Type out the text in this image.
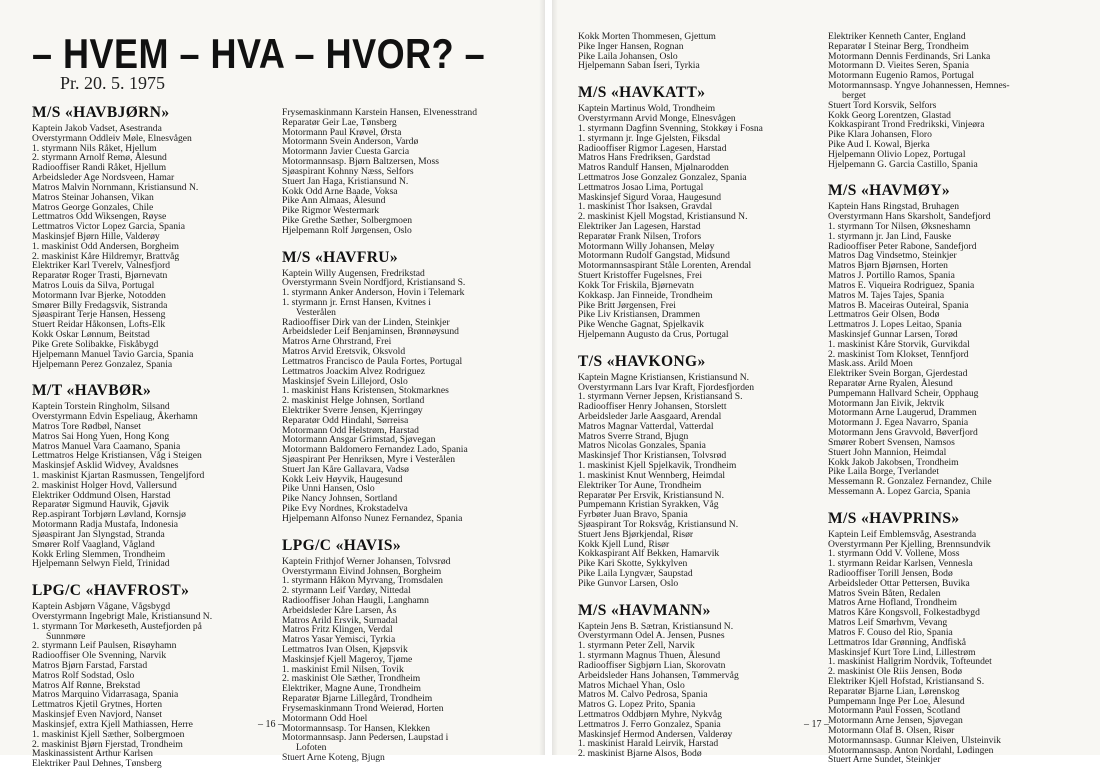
– HVEM – HVA – HVOR? –
Pr. 20. 5. 1975
M/S «HAVBJØRN»
Kaptein Jakob Vadset, Asestranda
Overstyrmann Oddleiv Møle, Elnesvågen
1. styrmann Nils Råket, Hjellum
2. styrmann Arnolf Remø, Ålesund
Radiooffiser Randi Råket, Hjellum
Arbeidsleder Age Nordsveen, Hamar
Matros Malvin Nornmann, Kristiansund N.
Matros Steinar Johansen, Vikan
Matros George Gonzales, Chile
Lettmatros Odd Wiksengen, Røyse
Lettmatros Victor Lopez Garcia, Spania
Maskinsjef Bjørn Hille, Valderøy
1. maskinist Odd Andersen, Borgheim
2. maskinist Kåre Hildremyr, Brattvåg
Elektriker Karl Tverelv, Valnesfjord
Reparatør Roger Trasti, Bjørnevatn
Matros Louis da Silva, Portugal
Motormann Ivar Bjerke, Notodden
Smører Billy Fredagsvik, Sistranda
Sjøaspirant Terje Hansen, Hesseng
Stuert Reidar Håkonsen, Lofts-Elk
Kokk Oskar Lønnum, Beitstad
Pike Grete Solibakke, Fiskåbygd
Hjelpemann Manuel Tavio Garcia, Spania
Hjelpemann Perez Gonzalez, Spania
M/T «HAVBØR»
Kaptein Torstein Ringholm, Silsand
Overstyrmann Edvin Espeliaug, Åkerhamn
Matros Tore Rødbøl, Nanset
Matros Sai Hong Yuen, Hong Kong
Matros Manuel Vara Caamano, Spania
Lettmatros Helge Kristiansen, Våg i Steigen
Maskinsjef Asklid Widvey, Åvaldsnes
1. maskinist Kjartan Rasmussen, Tengeljford
2. maskinist Holger Hovd, Vallersund
Elektriker Oddmund Olsen, Harstad
Reparatør Sigmund Hauvik, Gjøvik
Rep.aspirant Torbjørn Løvland, Kornsjø
Motormann Radja Mustafa, Indonesia
Sjøaspirant Jan Slyngstad, Stranda
Smører Rolf Vaagland, Vågland
Kokk Erling Slemmen, Trondheim
Hjelpemann Selwyn Field, Trinidad
LPG/C «HAVFROST»
Kaptein Asbjørn Vågane, Vågsbygd
Overstyrmann Ingebrigt Male, Kristiansund N.
1. styrmann Tor Mørkeseth, Austefjorden på
Sunnmøre
2. styrmann Leif Paulsen, Risøyhamn
Radiooffiser Ole Svenning, Narvik
Matros Bjørn Farstad, Farstad
Matros Rolf Sodstad, Oslo
Matros Alf Rønne, Brekstad
Matros Marquino Vidarrasaga, Spania
Lettmatros Kjetil Grytnes, Horten
Maskinsjef Even Navjord, Nanset
Maskinsjef, extra Kjell Mathiassen, Herre
1. maskinist Kjell Sæther, Solbergmoen
2. maskinist Bjørn Fjerstad, Trondheim
Maskinassistent Arthur Karlsen
Elektriker Paul Dehnes, Tønsberg
Frysemaskinmann Karstein Hansen, Elvenesstrand
Reparatør Geir Lae, Tønsberg
Motormann Paul Krøvel, Ørsta
Motormann Svein Anderson, Vardø
Motormann Javier Cuesta Garcia
Motormannsasp. Bjørn Baltzersen, Moss
Sjøaspirant Kohnny Næss, Selfors
Stuert Jan Haga, Kristiansund N.
Kokk Odd Arne Baade, Voksa
Pike Ann Almaas, Ålesund
Pike Rigmor Westermark
Pike Grethe Sæther, Solbergmoen
Hjelpemann Rolf Jørgensen, Oslo
M/S «HAVFRU»
Kaptein Willy Augensen, Fredrikstad
Overstyrmann Svein Nordfjord, Kristiansand S.
1. styrmann Anker Anderson, Hovin i Telemark
1. styrmann jr. Ernst Hansen, Kvitnes i
Vesterålen
Radiooffiser Dirk van der Linden, Steinkjer
Arbeidsleder Leif Benjaminsen, Brønnøysund
Matros Arne Ohrstrand, Frei
Matros Arvid Eretsvik, Oksvold
Lettmatros Francisco de Paula Fortes, Portugal
Lettmatros Joackim Alvez Rodriguez
Maskinsjef Svein Lillejord, Oslo
1. maskinist Hans Kristensen, Stokmarknes
2. maskinist Helge Johnsen, Sortland
Elektriker Sverre Jensen, Kjerringøy
Reparatør Odd Hindahl, Sørreisa
Motormann Odd Helstrøm, Harstad
Motormann Ansgar Grimstad, Sjøvegan
Motormann Baldomero Fernandez Lado, Spania
Sjøaspirant Per Henriksen, Myre i Vesterålen
Stuert Jan Kåre Gallavara, Vadsø
Kokk Leiv Høyvik, Haugesund
Pike Unni Hansen, Oslo
Pike Nancy Johnsen, Sortland
Pike Evy Nordnes, Krokstadelva
Hjelpemann Alfonso Nunez Fernandez, Spania
LPG/C «HAVIS»
Kaptein Frithjof Werner Johansen, Tolvsrød
Overstyrmann Eivind Johnsen, Borgheim
1. styrmann Håkon Myrvang, Tromsdalen
2. styrmann Leif Vardøy, Nittedal
Radiooffiser Johan Haugli, Langhamn
Arbeidsleder Kåre Larsen, Ås
Matros Arild Ersvik, Surnadal
Matros Fritz Klingen, Verdal
Matros Yasar Yemisci, Tyrkia
Lettmatros Ivan Olsen, Kjøpsvik
Maskinsjef Kjell Mageroy, Tjøme
1. maskinist Emil Nilsen, Tovik
2. maskinist Ole Sæther, Trondheim
Elektriker, Magne Aune, Trondheim
Reparatør Bjarne Lillegård, Trondheim
Frysemaskinmann Trond Weierød, Horten
Motormann Odd Hoel
Motormannsasp. Tor Hansen, Klekken
Motormannsasp. Jann Pedersen, Laupstad i
Lofoten
Stuert Arne Koteng, Bjugn
– 16 –
Kokk Morten Thommesen, Gjettum
Pike Inger Hansen, Rognan
Pike Laila Johansen, Oslo
Hjelpemann Saban Iseri, Tyrkia
M/S «HAVKATT»
Kaptein Martinus Wold, Trondheim
Overstyrmann Arvid Monge, Elnesvågen
1. styrmann Dagfinn Svenning, Stokkøy i Fosna
1. styrmann jr. Inge Gjelsten, Fiksdal
Radiooffiser Rigmor Lagesen, Harstad
Matros Hans Fredriksen, Gardstad
Matros Randulf Hansen, Mjølnarodden
Lettmatros Jose Gonzalez Gonzalez, Spania
Lettmatros Josao Lima, Portugal
Maskinsjef Sigurd Voraa, Haugesund
1. maskinist Thor Isaksen, Gravdal
2. maskinist Kjell Mogstad, Kristiansund N.
Elektriker Jan Lagesen, Harstad
Reparatør Frank Nilsen, Trofors
Motormann Willy Johansen, Meløy
Motormann Rudolf Gangstad, Midsund
Motormannsaspirant Ståle Lorenten, Arendal
Stuert Kristoffer Fugelsnes, Frei
Kokk Tor Friskila, Bjørnevatn
Kokkasp. Jan Finneide, Trondheim
Pike Britt Jørgensen, Frei
Pike Liv Kristiansen, Drammen
Pike Wenche Gagnat, Spjelkavik
Hjelpemann Augusto da Crus, Portugal
T/S «HAVKONG»
Kaptein Magne Kristiansen, Kristiansund N.
Overstyrmann Lars Ivar Kraft, Fjordesfjorden
1. styrmann Verner Jepsen, Kristiansand S.
Radiooffiser Henry Johansen, Storslett
Arbeidsleder Jarle Aasgaard, Arendal
Matros Magnar Vatterdal, Vatterdal
Matros Sverre Strand, Bjugn
Matros Nicolas Gonzales, Spania
Maskinsjef Thor Kristiansen, Tolvsrød
1. maskinist Kjell Spjelkavik, Trondheim
1. maskinist Knut Wennberg, Heimdal
Elektriker Tor Aune, Trondheim
Reparatør Per Ersvik, Kristiansund N.
Pumpemann Kristian Syrakken, Våg
Fyrbøter Juan Bravo, Spania
Sjøaspirant Tor Roksvåg, Kristiansund N.
Stuert Jens Bjørkjendal, Risør
Kokk Kjell Lund, Risør
Kokkaspirant Alf Bekken, Hamarvik
Pike Kari Skotte, Sykkylven
Pike Laila Lyngvær, Saupstad
Pike Gunvor Larsen, Oslo
M/S «HAVMANN»
Kaptein Jens B. Sætran, Kristiansund N.
Overstyrmann Odel A. Jensen, Pusnes
1. styrmann Peter Zell, Narvik
1. styrmann Magnus Thuen, Ålesund
Radiooffiser Sigbjørn Lian, Skorovatn
Arbeidsleder Hans Johansen, Tømmervåg
Matros Michael Yhan, Oslo
Matros M. Calvo Pedrosa, Spania
Matros G. Lopez Prito, Spania
Lettmatros Oddbjørn Myhre, Nykvåg
Lettmatros J. Ferro Gonzalez, Spania
Maskinsjef Hermod Andersen, Valderøy
1. maskinist Harald Leirvik, Harstad
2. maskinist Bjarne Alsos, Bodø
Elektriker Kenneth Canter, England
Reparatør I Steinar Berg, Trondheim
Motormann Dennis Ferdinands, Sri Lanka
Motormann D. Vieites Seren, Spania
Motormann Eugenio Ramos, Portugal
Motormannsasp. Yngve Johannessen, Hemnes-
berget
Stuert Tord Korsvik, Selfors
Kokk Georg Lorentzen, Glastad
Kokkaspirant Trond Fredrikski, Vinjeøra
Pike Klara Johansen, Floro
Pike Aud I. Kowal, Bjerka
Hjelpemann Olivio Lopez, Portugal
Hjelpemann G. Garcia Castillo, Spania
M/S «HAVMØY»
Kaptein Hans Ringstad, Bruhagen
Overstyrmann Hans Skarsholt, Sandefjord
1. styrmann Tor Nilsen, Øksneshamn
1. styrmann jr. Jan Lind, Fauske
Radiooffiser Peter Rabone, Sandefjord
Matros Dag Vindsetmo, Steinkjer
Matros Bjørn Bjørnsen, Horten
Matros J. Portillo Ramos, Spania
Matros E. Viqueira Rodriguez, Spania
Matros M. Tajes Tajes, Spania
Matros B. Maceiras Outeiral, Spania
Lettmatros Geir Olsen, Bodø
Lettmatros J. Lopes Leitao, Spania
Maskinsjef Gunnar Larsen, Torød
1. maskinist Kåre Storvik, Gurvikdal
2. maskinist Tom Klokset, Tennfjord
Mask.ass. Arild Moen
Elektriker Svein Borgan, Gjerdestad
Reparatør Arne Ryalen, Ålesund
Pumpemann Hallvard Scheir, Opphaug
Motormann Jan Eivik, Jektvik
Motormann Arne Laugerud, Drammen
Motormann J. Egea Navarro, Spania
Motormann Jens Gravvold, Bøverfjord
Smører Robert Svensen, Namsos
Stuert John Mannion, Heimdal
Kokk Jakob Jakobsen, Trondheim
Pike Laila Borge, Tverlandet
Messemann R. Gonzalez Fernandez, Chile
Messemann A. Lopez Garcia, Spania
M/S «HAVPRINS»
Kaptein Leif Emblemsvåg, Asestranda
Overstyrmann Per Kjelling, Brennsundvik
1. styrmann Odd V. Vollene, Moss
1. styrmann Reidar Karlsen, Vennesla
Radiooffiser Torill Jensen, Bodø
Arbeidsleder Ottar Pettersen, Buvika
Matros Svein Båten, Redalen
Matros Arne Hofland, Trondheim
Matros Kåre Kongsvoll, Folkestadbygd
Matros Leif Smørhvm, Vevang
Matros F. Couso del Rio, Spania
Lettmatros Idar Grønning, Andfiskå
Maskinsjef Kurt Tore Lind, Lillestrøm
1. maskinist Hallgrim Nordvik, Tofteundet
2. maskinist Ole Riis Jensen, Bodø
Elektriker Kjell Hofstad, Kristiansand S.
Reparatør Bjarne Lian, Lørenskog
Pumpemann Inge Per Loe, Ålesund
Motormann Paul Fossen, Scotland
Motormann Arne Jensen, Sjøvegan
Motormann Olaf B. Olsen, Risør
Motormannsasp. Gunnar Kleiven, Ulsteinvik
Motormannsasp. Anton Nordahl, Lødingen
Stuert Arne Sundet, Steinkjer
– 17 –
